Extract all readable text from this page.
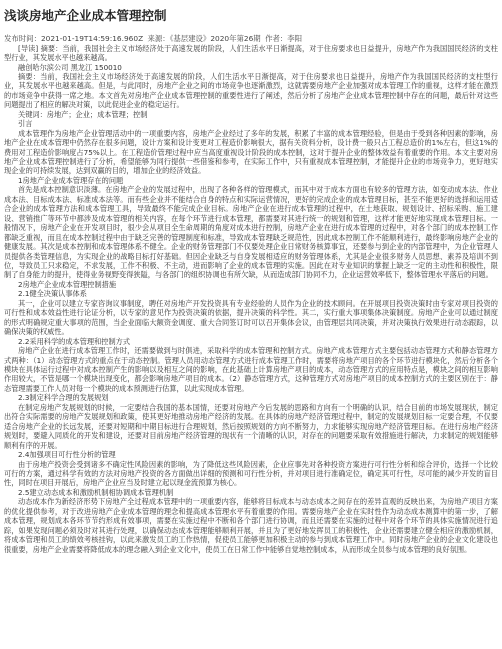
浅谈房地产企业成本管理控制
发布时间：2021-01-19T14:59:16.960Z 来源：《基层建设》2020年第26期 作者：李阳
[导读] 摘要：当前，我国社会主义市场经济处于高速发展的阶段，人们生活水平日渐提高，对于住房要求也日益提升，房地产作为我国国民经济的支柱型行业，其发展水平也越来越高。
融创哈尔滨公司 黑龙江 150010
摘要：当前，我国社会主义市场经济处于高速发展的阶段，人们生活水平日渐提高，对于住房要求也日益提升，房地产作为我国国民经济的支柱型行业，其发展水平也越来越高。但是，与此同时，房地产企业之间的市场竞争也逐渐激烈，这就需要房地产企业加强对成本管理工作的重视，这样才能在激烈的市场竞争中获得一席之地。本文首先对房地产企业成本管理控制的重要性进行了阐述，然后分析了房地产企业成本管理控制中存在的问题，最后针对这些问题提出了相应的解决对策，以此促进企业的稳定运行。
关键词：房地产；企业；成本管理；控制
引言
成本管理作为房地产企业管理活动中的一项重要内容，房地产企业经过了多年的发展，积累了丰富的成本管理经验，但是由于受到各种因素的影响，房地产企业在成本管理中仍然存在很多问题，设计方案和设计变更对工程造价影响很大，据有关资料分析，设计费一般只占工程总造价的1%左右，但这1%的费用对工程造价影响度占75%以上。在工程造价管理过程中应当高度重视设计阶段的成本控制，这对于提升企业的整体效益有着重要的作用。本文主要对房地产企业成本管理控制进行了分析，希望能够为同行提供一些借鉴和参考，在实际工作中，只有重视成本管理控制，才能提升企业的市场竞争力，更好地实现企业的可持续发展，达到双赢的目的，增加企业的经济效益。
1房地产企业成本管理存在的问题
首先是成本控制意识淡薄。在房地产企业的发展过程中，出现了各种各样的管理模式，而其中对于成本方面也有较多的管理方法，如变动成本法、作业成本法、目标成本法、标准成本法等。而有些企业并不能结合自身的特点和实际运营情况，更好的完成企业的成本管理目标，甚至不能更好的选择和运用适合企业的成本管理方法和成本管理工具，导致最终不能完成企业目标。房地产企业在进行成本管理的过程中，在土地获取、规划设计、招标采购、施工建设、营销推广等环节中都涉及成本管理的相关内容，在每个环节进行成本管理，都需要对其进行统一的规划和管理，这样才能更好地实现成本管理目标。一般情况下，房地产企业在开发项目时，很少会从项目全生命周期的角度对成本进行控制，房地产企业在进行成本管理的过程中，对各个部门的成本控制工作都缺乏重视，而且在成本控制过程中由于缺乏完善的管理制度和标准，导致成本管理缺乏规范性，因此成本控制工作不能顺利进行，最终影响房地产企业的健康发展。其次是成本控制和成本管理体系不健全。企业的财务管理部门不仅要处理企业日常财务核算事宜，还要参与到企业的内部管理中，为企业管理人员提供各类管理信息，为实现企业的战略目标打好基础。但因企业缺乏与自身发展相适应的财务管理体系，尤其是企业很多财务人员思想、素养及培训不到位，导致员工只求稳定，不求发展，工作不积极、不主动，进而影响了企业的成本管理的实施。因此在对专业知识的掌握上缺乏一定的主动性和积极性，限制了自身能力的提升，使得业务视野变得狭隘，与各部门的组织协调也有所欠缺，从而造成部门协同不力，企业运营效率低下，整体管理水平落后的问题。
2房地产企业成本管理控制措施
2.1健全决策认事体系
其一，企业可以建立专家咨询议事制度，聘任对房地产开发投资具有专业经验的人员作为企业的技术顾问。在开展项目投资决策时由专家对项目投资的可行性和成本效益性进行论证分析，以专家的意见作为投资决策的依据，提升决策的科学性。其二，实行重大事项集体决策制度。房地产企业可以通过制度的形式明确规定重大事项的范围，当企业面临大额资金调度、重大合同签订时可以召开集体会议，由管理层共同决策，并对决策执行效果进行动态跟踪，以确保决策的权威性。
2.2采用科学的成本管理和控制方式
房地产企业在进行成本管理工作时，还需要做到与时俱进，采取科学的成本管理和控制方式。房地产成本管理方式主要包括动态管理方式和静态管理方式两种：（1）动态管理方式的重点在于动态控制。管理人员用动态管理方式进行成本管理工作时，需要将房地产项目的各个环节进行模块化，然后分析各个模块在具体运行过程中对成本控制产生的影响以及相互之间的影响，在此基础上计算房地产项目的成本，动态管理方式的应用特点是，模块之间的相互影响作用较大，不管是哪一个模块出现变化，都会影响房地产项目的成本。（2）静态管理方式，这种管理方式对房地产项目的成本控制方式的主要区别在于：静态管理需要工作人员对每一个模块的成本预测进行估算，以此实现成本管理。
2.3制定科学合理的发展规划
在制定房地产发展规划的时候，一定要结合我国的基本国情，还要对房地产今后发展的思路和方向有一个明确的认识，结合目前的市场发展现状，制定出符合实际需要的房地产发展规划和政策，使其更好地推动房地产经济的发展。在具体的房地产经济管理过程中，制定的发展规划目标一定要合理，不仅要适合房地产企业的长远发展，还要对短期和中期目标进行合理规划，然后按照规划的方向不断努力，力求能够实现房地产经济管理目标。在进行房地产经济规划时，要避入同质化的开发和建设，还要对目前房地产经济管理的现状有一个清晰的认识，对存在的问题要采取有效措施进行解决，力求制定的规划能够顺利有序的开展。
2.4加强项目可行性分析的管理
由于房地产投资会受到诸多不确定性风险因素的影响，为了降低这些风险因素，企业应事先对各种投资方案进行可行性分析和综合评价，选择一个比较可行的方案，通过科学有效的方法对房地产投资的各方面做出详细的预测和可行性分析，并对项目进行准确定位，确定其可行性，尽可能的减少开发的盲目性，同时在项目开展后，房地产企业应当及时建立起以现金流预算为核心。
2.5建立动态成本和激励机制相协调成本管理机制
动态成本作为新经济形势下房地产全过程成本管理中的一项重要内容，能够将目标成本与动态成本之间存在的差异直观的反映出来，为房地产项目方案的优化提供参考，对于改进房地产企业成本管理的理念和提高成本管理水平有着重要的作用。需要房地产企业在实时性作为动态成本测算中的第一步，了解成本管理，规划成本各环节节约形成有效事项，需要在实施过程中不断和各个部门进行协调，而且还需要在实施的过程中对各个环节的具体实施情况进行追踪，如果发现问题必须及时对其进行处理，以确保动态成本管理能够顺利开展，并且为了更好地发挥员工的积极性，企业还需要建立健全相应的激励机制，将成本管理和员工的绩效考核挂钩，以此来激发员工的工作热情，促使员工能够更加积极主动的参与到成本管理工作中。同时房地产企业的企业文化建设也很重要，房地产企业需要将降低成本的理念融入到企业文化中，使员工在日常工作中能够自觉地控制成本，从而形成全员参与成本管理的良好氛围。
